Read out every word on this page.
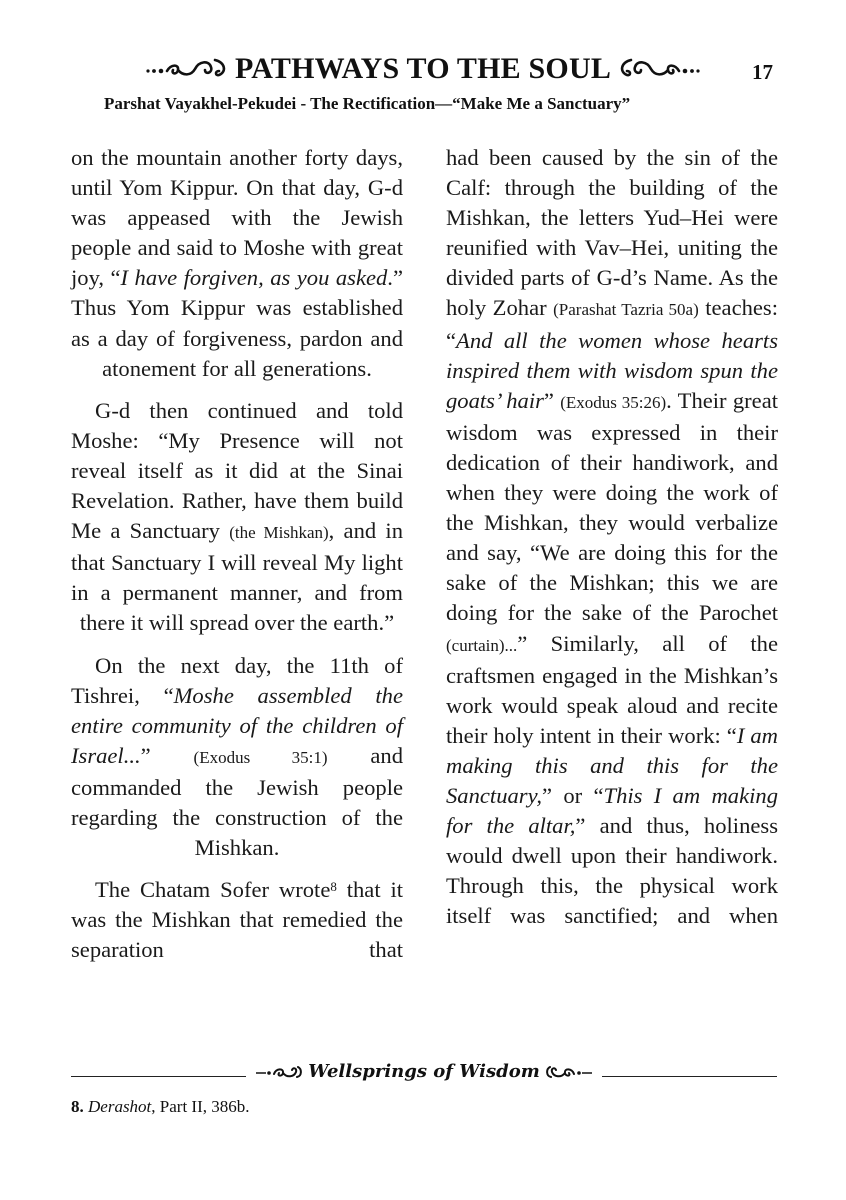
PATHWAYS TO THE SOUL	17
Parshat Vayakhel-Pekudei - The Rectification—“Make Me a Sanctuary”

on the mountain another forty days, until Yom Kippur. On that day, G-d was appeased with the Jewish people and said to Moshe with great joy, “I have forgiven, as you asked.” Thus Yom Kippur was established as a day of forgiveness, pardon and atonement for all generations.

G-d then continued and told Moshe: “My Presence will not reveal itself as it did at the Sinai Revelation. Rather, have them build Me a Sanctuary (the Mishkan), and in that Sanctuary I will reveal My light in a permanent manner, and from there it will spread over the earth.”

On the next day, the 11th of Tishrei, “Moshe assembled the entire community of the children of Israel...” (Exodus 35:1) and commanded the Jewish people regarding the construction of the Mishkan.

The Chatam Sofer wrote$^8$ that it was the Mishkan that remedied the separation that

had been caused by the sin of the Calf: through the building of the Mishkan, the letters Yud–Hei were reunified with Vav–Hei, uniting the divided parts of G-d’s Name. As the holy Zohar (Parashat Tazria 50a) teaches: “And all the women whose hearts inspired them with wisdom spun the goats’ hair” (Exodus 35:26). Their great wisdom was expressed in their dedication of their handiwork, and when they were doing the work of the Mishkan, they would verbalize and say, “We are doing this for the sake of the Mishkan; this we are doing for the sake of the Parochet (curtain)...” Similarly, all of the craftsmen engaged in the Mishkan’s work would speak aloud and recite their holy intent in their work: “I am making this and this for the Sanctuary,” or “This I am making for the altar,” and thus, holiness would dwell upon their handiwork. Through this, the physical work itself was sanctified; and when

Wellsprings of Wisdom
8. Derashot, Part II, 386b.
